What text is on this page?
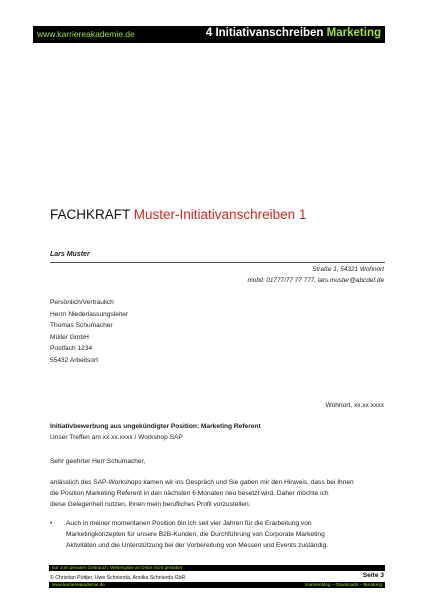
www.karriereakademie.de	4 Initiativanschreiben Marketing
FACHKRAFT Muster-Initiativanschreiben 1
Lars Muster
Straße 1, 54321 Wohnort
mobil: 01777/77 77 777, lars.muster@abcdef.de
Persönlich/Vertraulich
Herrn Niederlassungsleiter
Thomas Schumacher
Müller GmbH
Postfach 1234
55432 Arbeitsort
Wohnort, xx.xx.xxxx
Initiativbewerbung aus ungekündigter Position: Marketing Referent
Unser Treffen am xx.xx.xxxx / Workshop SAP
Sehr geehrter Herr Schumacher,
anlässlich des SAP-Workshops kamen wir ins Gespräch und Sie gaben mir den Hinweis, dass bei Ihnen
die Position Marketing Referent in den nächsten 6 Monaten neu besetzt wird. Daher möchte ich
diese Gelegenheit nutzen, Ihnen mein berufliches Profil vorzustellen.
• Auch in meiner momentanen Position bin ich seit vier Jahren für die Erarbeitung von
Marketingkonzepten für unsere B2B-Kunden, die Durchführung von Corporate Marketing
Aktivitäten und die Unterstützung bei der Vorbereitung von Messen und Events zuständig.
nur zum privaten Gebrauch, Weitergabe an Dritte nicht gestattet
© Christian Püttjer, Uwe Schnierda, Annika Schnierda GbR	Seite 3
www.karriereakademie.de	Karriereblog – Downloads – Beratung
